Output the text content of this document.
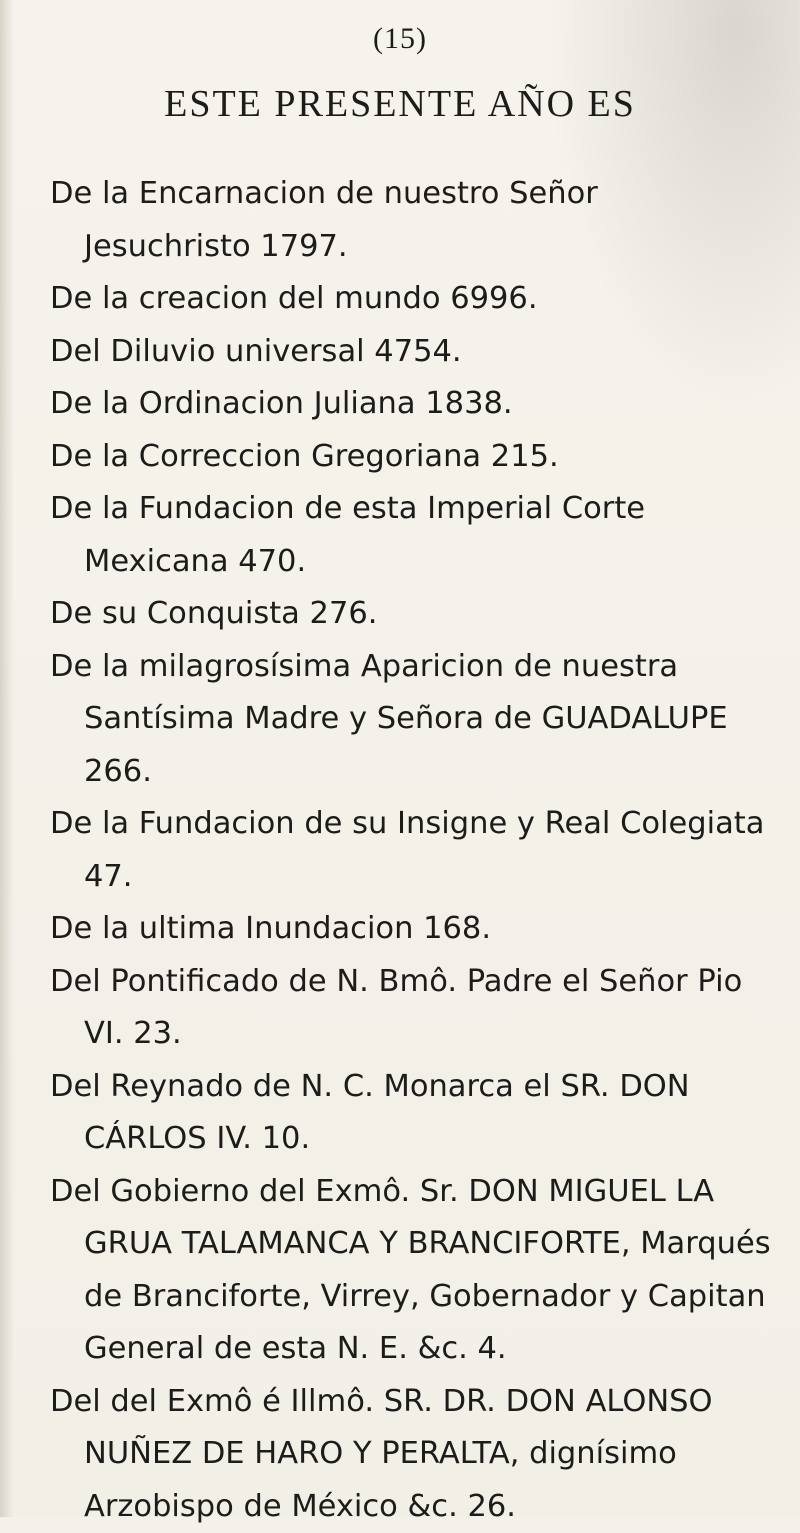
(15)
ESTE PRESENTE AÑO ES

De la Encarnacion de nuestro Señor Jesuchristo 1797.

De la creacion del mundo 6996.

Del Diluvio universal 4754.

De la Ordinacion Juliana 1838.

De la Correccion Gregoriana 215.

De la Fundacion de esta Imperial Corte Mexicana 470.

De su Conquista 276.

De la milagrosísima Aparicion de nuestra Santísima Madre y Señora de GUADALUPE 266.

De la Fundacion de su Insigne y Real Colegiata 47.

De la ultima Inundacion 168.

Del Pontificado de N. Bmô. Padre el Señor Pio VI. 23.

Del Reynado de N. C. Monarca el SR. DON CÁRLOS IV. 10.

Del Gobierno del Exmô. Sr. DON MIGUEL LA GRUA TALAMANCA Y BRANCIFORTE, Marqués de Branciforte, Virrey, Gobernador y Capitan General de esta N. E. &c. 4.

Del del Exmô é Illmô. SR. DR. DON ALONSO NUÑEZ DE HARO Y PERALTA, dignísimo Arzobispo de México &c. 26.
